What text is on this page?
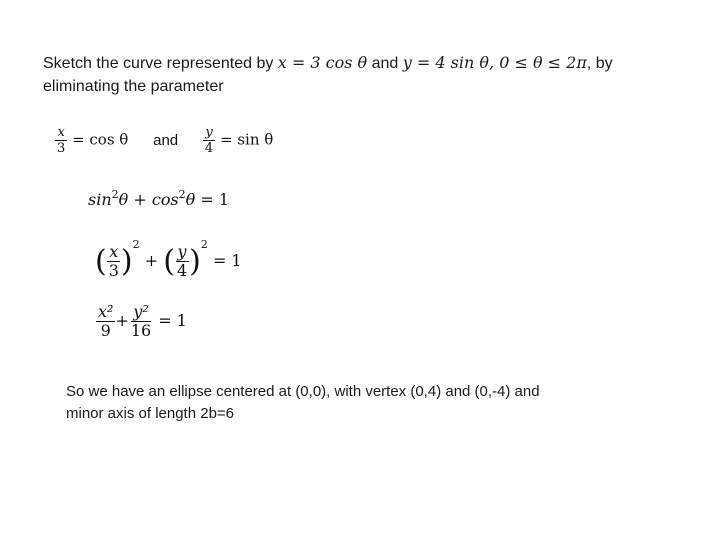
Sketch the curve represented by x = 3 cos θ and y = 4 sin θ, 0 ≤ θ ≤ 2π, by
eliminating the parameter
$\frac{x}{3} = \cos \theta$ and $\frac{y}{4} = \sin \theta$
$\sin^2\theta + \cos^2\theta = 1$
( $\frac{x}{3} )^2$ + ( $\frac{y}{4} )^2 = 1$
$\frac{\text{x²}}{9} + \frac{\text{y²}}{16} = 1$
So we have an ellipse centered at (0,0), with vertex (0,4) and (0,-4) and
minor axis of length 2b=6
